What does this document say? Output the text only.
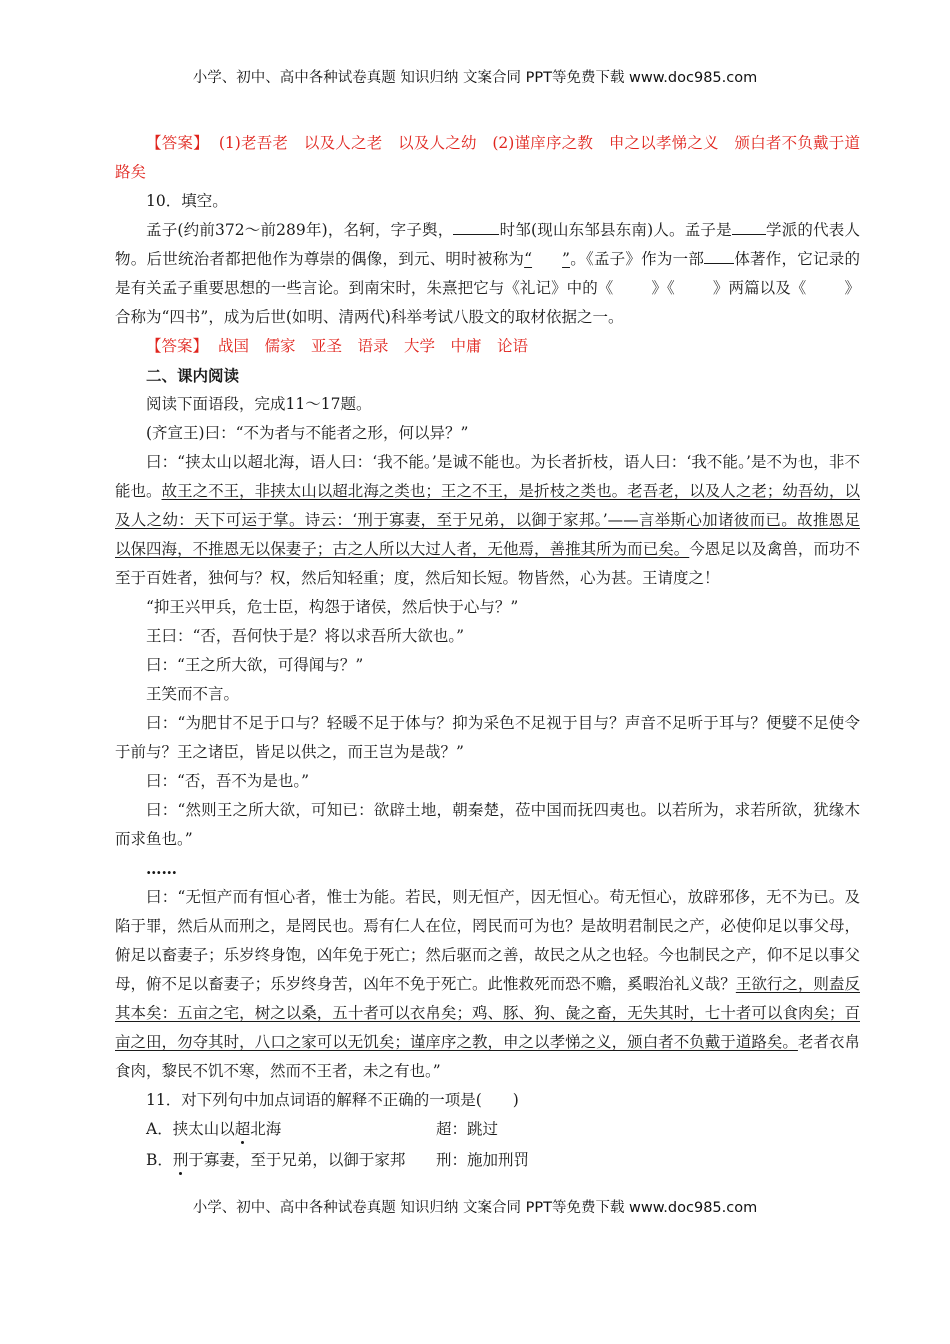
小学、初中、高中各种试卷真题 知识归纳 文案合同 PPT等免费下载 www.doc985.com

【答案】 (1)老吾老　以及人之老　以及人之幼　(2)谨庠序之教　申之以孝悌之义　颁白者不负戴于道路矣

10．填空。

孟子(约前372～前289年)，名轲，字子舆，	时邹(现山东邹县东南)人。孟子是 学派的代表人物。后世统治者都把他作为尊崇的偶像，到元、明时被称为“ ”。《孟子》作为一部 体著作，它记录的是有关孟子重要思想的一些言论。到南宋时，朱熹把它与《礼记》中的《 》《 》两篇以及《 》合称为“四书”，成为后世(如明、清两代)科举考试八股文的取材依据之一。

【答案】 战国　儒家　亚圣　语录　大学　中庸　论语

二、课内阅读

阅读下面语段，完成11～17题。

(齐宣王)曰：“不为者与不能者之形，何以异？”

曰：“挟太山以超北海，语人曰：‘我不能。’是诚不能也。为长者折枝，语人曰：‘我不能。’是不为也，非不能也。故王之不王，非挟太山以超北海之类也；王之不王，是折枝之类也。老吾老，以及人之老；幼吾幼，以及人之幼：天下可运于掌。诗云：‘刑于寡妻，至于兄弟，以御于家邦。’——言举斯心加诸彼而已。故推恩足以保四海，不推恩无以保妻子；古之人所以大过人者，无他焉，善推其所为而已矣。今恩足以及禽兽，而功不至于百姓者，独何与？权，然后知轻重；度，然后知长短。物皆然，心为甚。王请度之！

“抑王兴甲兵，危士臣，构怨于诸侯，然后快于心与？”

王曰：“否，吾何快于是？将以求吾所大欲也。”

曰：“王之所大欲，可得闻与？”

王笑而不言。

曰：“为肥甘不足于口与？轻暖不足于体与？抑为采色不足视于目与？声音不足听于耳与？便嬖不足使令于前与？王之诸臣，皆足以供之，而王岂为是哉？”

曰：“否，吾不为是也。”

曰：“然则王之所大欲，可知已：欲辟土地，朝秦楚，莅中国而抚四夷也。以若所为，求若所欲，犹缘木而求鱼也。”

……

曰：“无恒产而有恒心者，惟士为能。若民，则无恒产，因无恒心。苟无恒心，放辟邪侈，无不为已。及陷于罪，然后从而刑之，是罔民也。焉有仁人在位，罔民而可为也？是故明君制民之产，必使仰足以事父母，俯足以畜妻子；乐岁终身饱，凶年免于死亡；然后驱而之善，故民之从之也轻。今也制民之产，仰不足以事父母，俯不足以畜妻子；乐岁终身苦，凶年不免于死亡。此惟救死而恐不赡，奚暇治礼义哉？王欲行之，则盍反其本矣：五亩之宅，树之以桑，五十者可以衣帛矣；鸡、豚、狗、彘之畜，无失其时，七十者可以食肉矣；百亩之田，勿夺其时，八口之家可以无饥矣；谨庠序之教，申之以孝悌之义，颁白者不负戴于道路矣。老者衣帛食肉，黎民不饥不寒，然而不王者，未之有也。”

11．对下列句中加点词语的解释不正确的一项是(　　)

A．挟太山以超北海	超：跳过

B．刑于寡妻，至于兄弟，以御于家邦 刑：施加刑罚

小学、初中、高中各种试卷真题 知识归纳 文案合同 PPT等免费下载 www.doc985.com
